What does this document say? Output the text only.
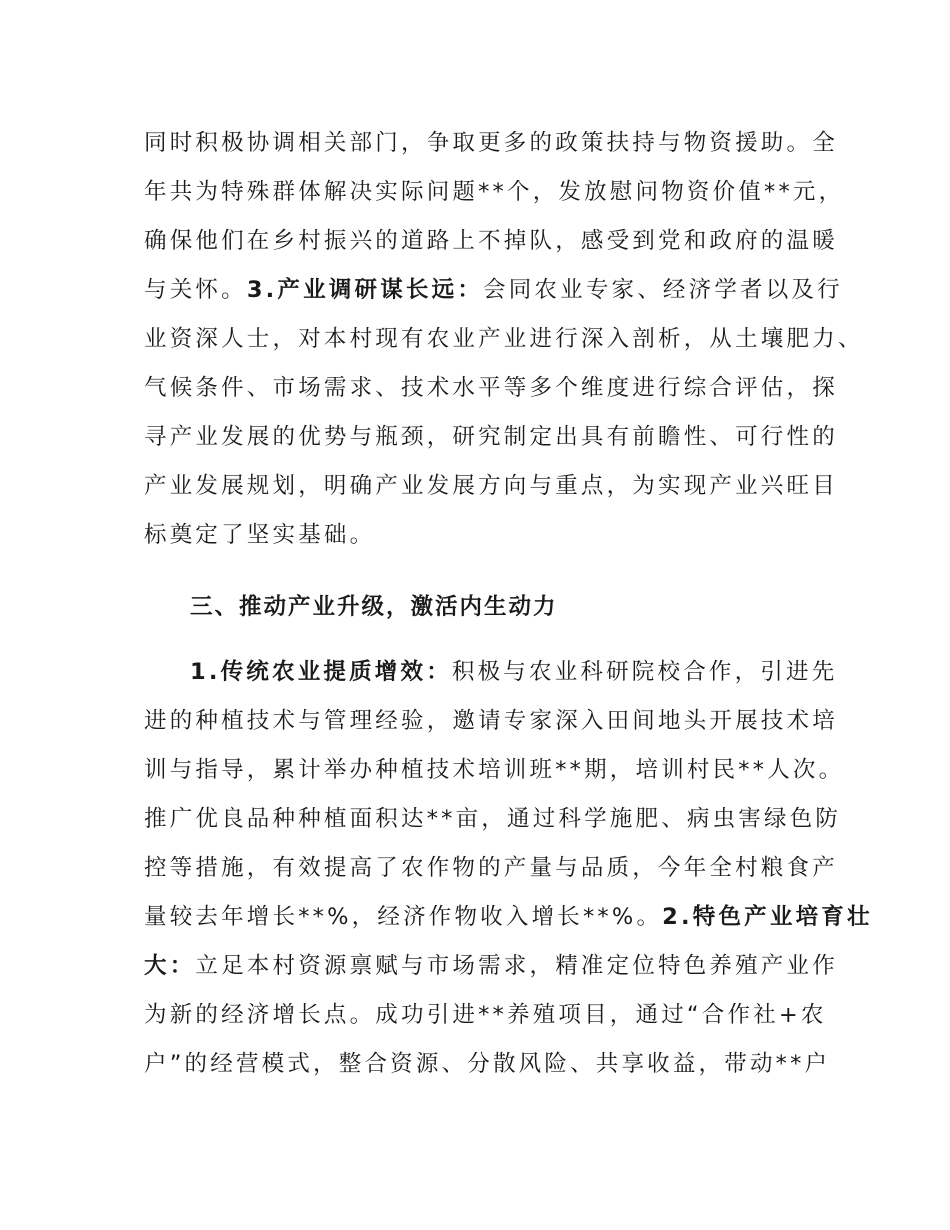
同时积极协调相关部门，争取更多的政策扶持与物资援助。全
年共为特殊群体解决实际问题**个，发放慰问物资价值**元，
确保他们在乡村振兴的道路上不掉队，感受到党和政府的温暖
与关怀。3.产业调研谋长远：会同农业专家、经济学者以及行
业资深人士，对本村现有农业产业进行深入剖析，从土壤肥力、
气候条件、市场需求、技术水平等多个维度进行综合评估，探
寻产业发展的优势与瓶颈，研究制定出具有前瞻性、可行性的
产业发展规划，明确产业发展方向与重点，为实现产业兴旺目
标奠定了坚实基础。
三、推动产业升级，激活内生动力
1.传统农业提质增效：积极与农业科研院校合作，引进先
进的种植技术与管理经验，邀请专家深入田间地头开展技术培
训与指导，累计举办种植技术培训班**期，培训村民**人次。
推广优良品种种植面积达**亩，通过科学施肥、病虫害绿色防
控等措施，有效提高了农作物的产量与品质，今年全村粮食产
量较去年增长**%，经济作物收入增长**%。2.特色产业培育壮
大：立足本村资源禀赋与市场需求，精准定位特色养殖产业作
为新的经济增长点。成功引进**养殖项目，通过“合作社+农
户”的经营模式，整合资源、分散风险、共享收益，带动**户
